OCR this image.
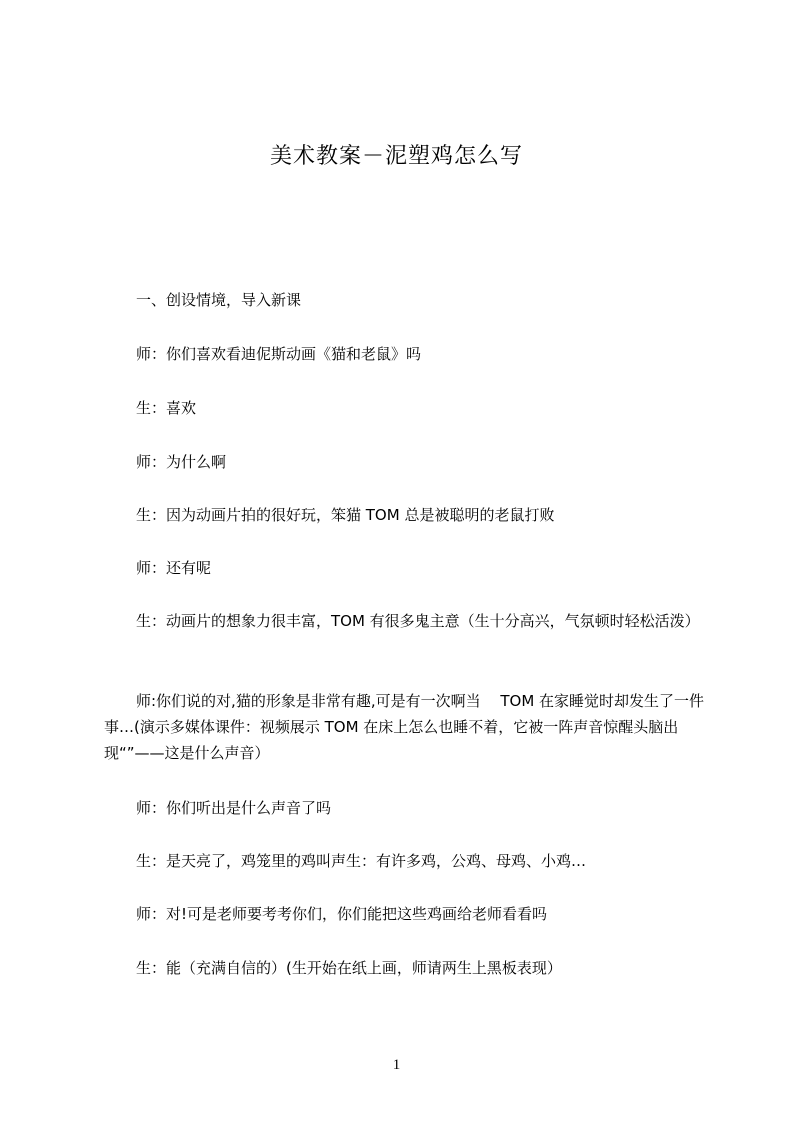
美术教案－泥塑鸡怎么写
一、创设情境，导入新课
师：你们喜欢看迪伲斯动画《猫和老鼠》吗
生：喜欢
师：为什么啊
生：因为动画片拍的很好玩，笨猫 TOM 总是被聪明的老鼠打败
师：还有呢
生：动画片的想象力很丰富，TOM 有很多鬼主意（生十分高兴，气氛顿时轻松活泼）
师:你们说的对,猫的形象是非常有趣,可是有一次啊当　 TOM 在家睡觉时却发生了一件事…(演示多媒体课件：视频展示 TOM 在床上怎么也睡不着，它被一阵声音惊醒头脑出现“”——这是什么声音）
师：你们听出是什么声音了吗
生：是天亮了，鸡笼里的鸡叫声生：有许多鸡，公鸡、母鸡、小鸡…
师：对!可是老师要考考你们，你们能把这些鸡画给老师看看吗
生：能（充满自信的）(生开始在纸上画，师请两生上黑板表现）
1
